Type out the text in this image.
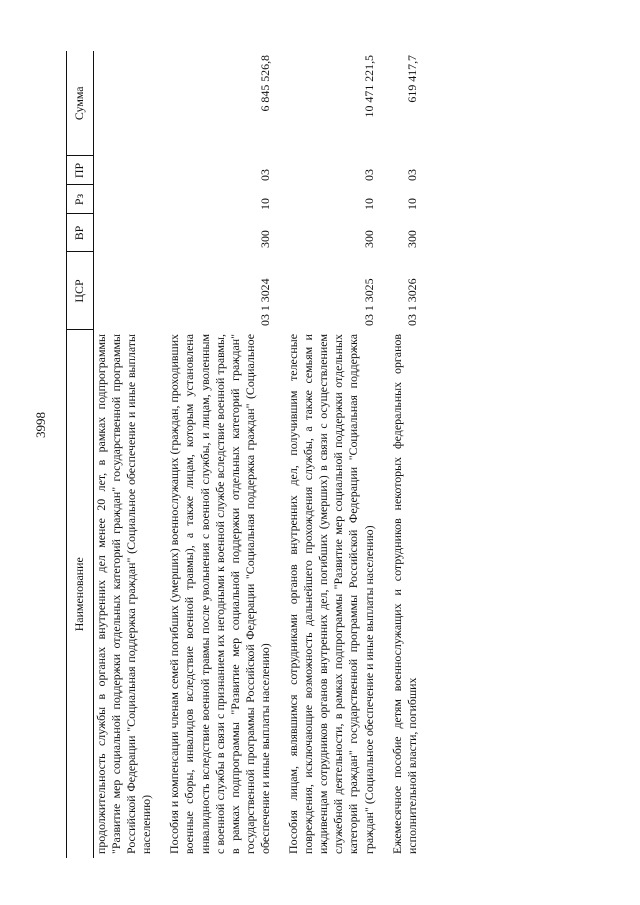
3998
Наименование	ЦСР	ВР	Рз	ПР	Сумма
продолжительность службы в органах внутренних дел менее 20 лет, в рамках подпрограммы "Развитие мер социальной поддержки отдельных категорий граждан" государственной программы Российской Федерации "Социальная поддержка граждан" (Социальное обеспечение и иные выплаты населению)					

Пособия и компенсации членам семей погибших (умерших) военнослужащих (граждан, проходивших военные сборы, инвалидов вследствие военной травмы), а также лицам, которым установлена инвалидность вследствие военной травмы после увольнения с военной службы, и лицам, уволенным с военной службы в связи с признанием их негодными к военной службе вследствие военной травмы, в рамках подпрограммы "Развитие мер социальной поддержки отдельных категорий граждан" государственной программы Российской Федерации "Социальная поддержка граждан" (Социальное обеспечение и иные выплаты населению)	03 1 3024	300	10	03	6 845 526,8

Пособия лицам, являвшимся сотрудниками органов внутренних дел, получившим телесные повреждения, исключающие возможность дальнейшего прохождения службы, а также семьям и иждивенцам сотрудников органов внутренних дел, погибших (умерших) в связи с осуществлением служебной деятельности, в рамках подпрограммы "Развитие мер социальной поддержки отдельных категорий граждан" государственной программы Российской Федерации "Социальная поддержка граждан" (Социальное обеспечение и иные выплаты населению)	03 1 3025	300	10	03	10 471 221,5

Ежемесячное пособие детям военнослужащих и сотрудников некоторых федеральных органов исполнительной власти, погибших	03 1 3026	300	10	03	619 417,7
